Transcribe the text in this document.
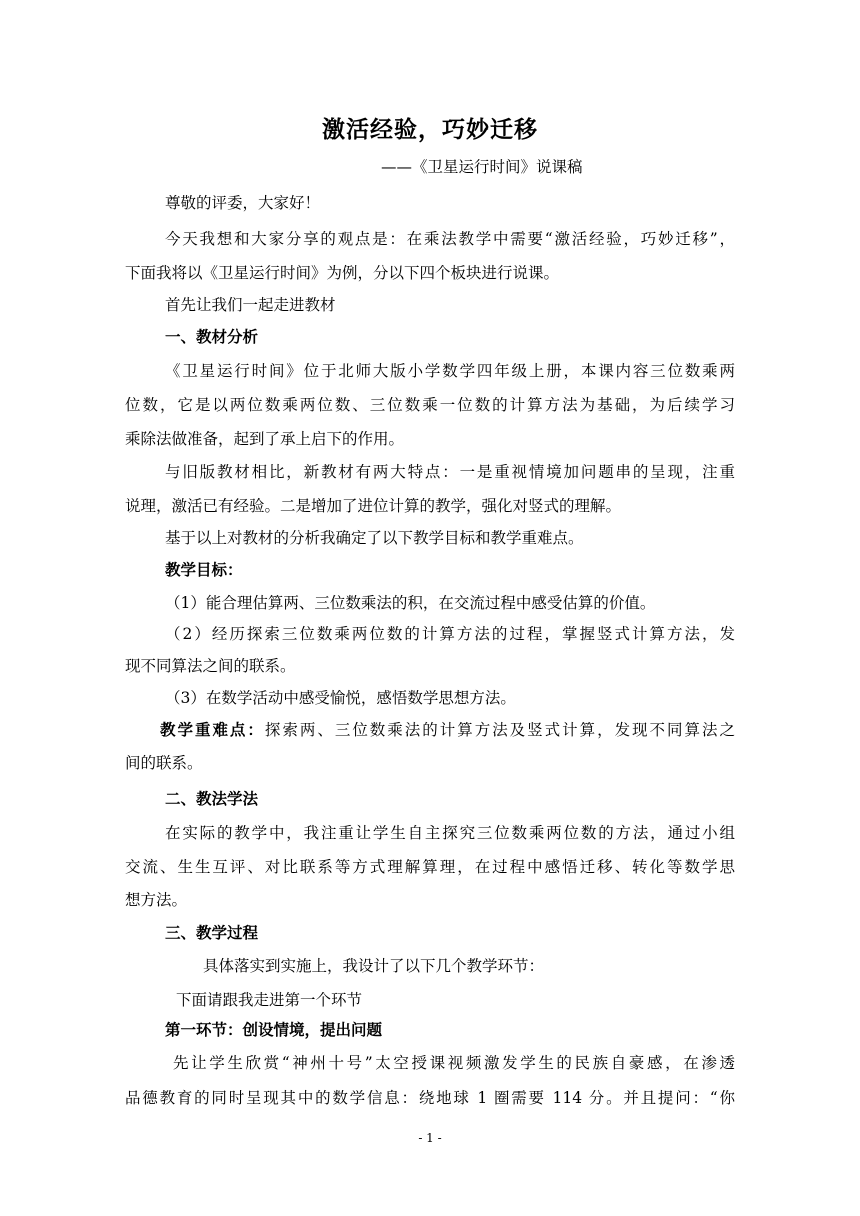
激活经验，巧妙迁移
——《卫星运行时间》说课稿
尊敬的评委，大家好！
今天我想和大家分享的观点是：在乘法教学中需要“激活经验，巧妙迁移”，
下面我将以《卫星运行时间》为例，分以下四个板块进行说课。
首先让我们一起走进教材
一、教材分析
《卫星运行时间》位于北师大版小学数学四年级上册，本课内容三位数乘两
位数，它是以两位数乘两位数、三位数乘一位数的计算方法为基础，为后续学习
乘除法做准备，起到了承上启下的作用。
与旧版教材相比，新教材有两大特点：一是重视情境加问题串的呈现，注重
说理，激活已有经验。二是增加了进位计算的教学，强化对竖式的理解。
基于以上对教材的分析我确定了以下教学目标和教学重难点。
教学目标：
（1）能合理估算两、三位数乘法的积，在交流过程中感受估算的价值。
（2）经历探索三位数乘两位数的计算方法的过程，掌握竖式计算方法，发
现不同算法之间的联系。
（3）在数学活动中感受愉悦，感悟数学思想方法。
教学重难点：探索两、三位数乘法的计算方法及竖式计算，发现不同算法之
间的联系。
二、教法学法
在实际的教学中，我注重让学生自主探究三位数乘两位数的方法，通过小组
交流、生生互评、对比联系等方式理解算理，在过程中感悟迁移、转化等数学思
想方法。
三、教学过程
具体落实到实施上，我设计了以下几个教学环节：
下面请跟我走进第一个环节
第一环节：创设情境，提出问题
先让学生欣赏“神州十号”太空授课视频激发学生的民族自豪感，在渗透
品德教育的同时呈现其中的数学信息：绕地球 1 圈需要 114 分。并且提问：“你
- 1 -
